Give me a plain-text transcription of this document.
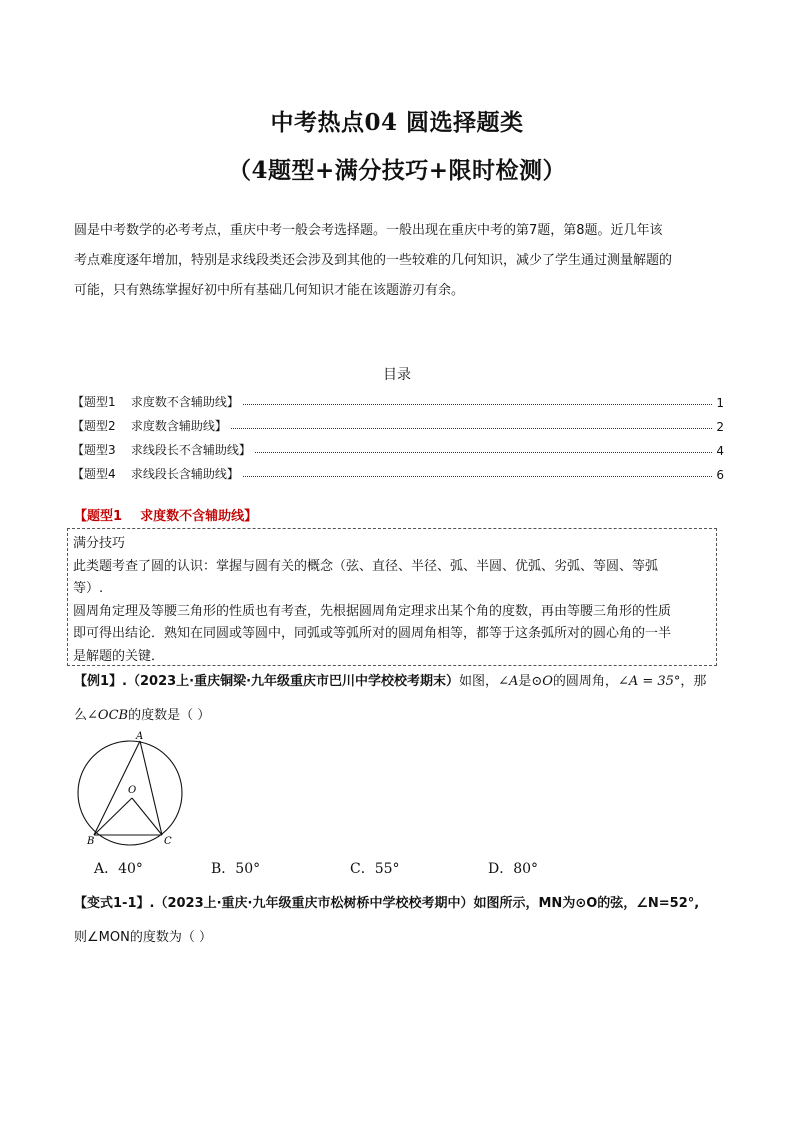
中考热点04 圆选择题类
（4题型+满分技巧+限时检测）

圆是中考数学的必考考点，重庆中考一般会考选择题。一般出现在重庆中考的第7题，第8题。近几年该

考点难度逐年增加，特别是求线段类还会涉及到其他的一些较难的几何知识，减少了学生通过测量解题的

可能，只有熟练掌握好初中所有基础几何知识才能在该题游刃有余。

目录
【题型1    求度数不含辅助线】	1
【题型2    求度数含辅助线】	2
【题型3    求线段长不含辅助线】	4
【题型4    求线段长含辅助线】	6
【题型1    求度数不含辅助线】

满分技巧

此类题考查了圆的认识：掌握与圆有关的概念（弦、直径、半径、弧、半圆、优弧、劣弧、等圆、等弧

等）.

圆周角定理及等腰三角形的性质也有考查，先根据圆周角定理求出某个角的度数，再由等腰三角形的性质

即可得出结论．熟知在同圆或等圆中，同弧或等弧所对的圆周角相等，都等于这条弧所对的圆心角的一半

是解题的关键．

【例1】.（2023上·重庆铜梁·九年级重庆市巴川中学校校考期末）如图，∠A是⊙O的圆周角，∠A = 35°，那
么∠OCB的度数是（ ）
A
O
B	C
A．40°	B．50°	C．55°	D．80°
【变式1-1】.（2023上·重庆·九年级重庆市松树桥中学校校考期中）如图所示，MN为⊙O的弦，∠N=52°,
则∠MON的度数为（ ）
